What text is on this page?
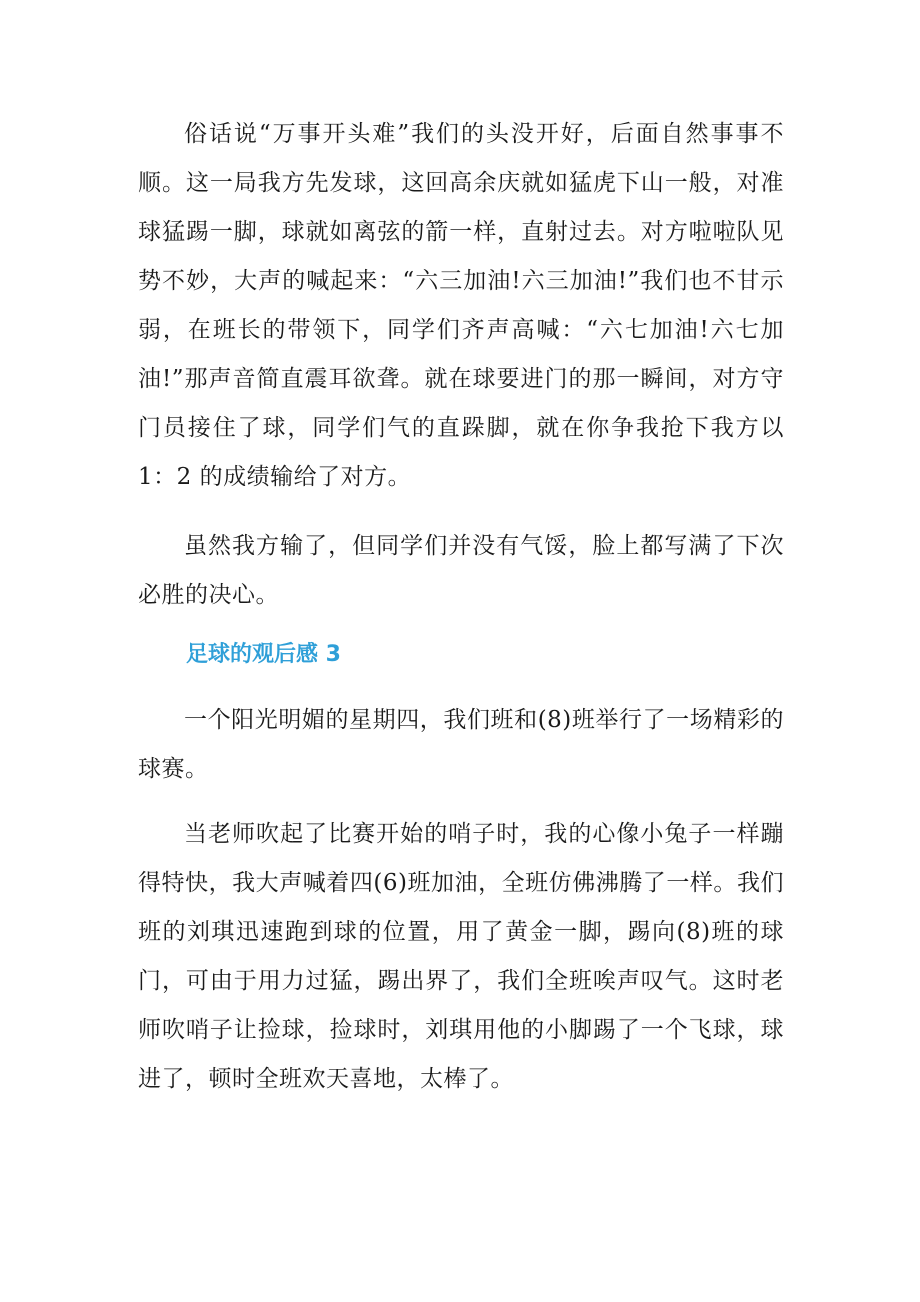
俗话说“万事开头难”我们的头没开好，后面自然事事不顺。这一局我方先发球，这回高余庆就如猛虎下山一般，对准球猛踢一脚，球就如离弦的箭一样，直射过去。对方啦啦队见势不妙，大声的喊起来：“六三加油!六三加油!”我们也不甘示弱，在班长的带领下，同学们齐声高喊：“六七加油!六七加油!”那声音简直震耳欲聋。就在球要进门的那一瞬间，对方守门员接住了球，同学们气的直跺脚，就在你争我抢下我方以 1：2 的成绩输给了对方。

虽然我方输了，但同学们并没有气馁，脸上都写满了下次必胜的决心。

足球的观后感 3

一个阳光明媚的星期四，我们班和(8)班举行了一场精彩的球赛。

当老师吹起了比赛开始的哨子时，我的心像小兔子一样蹦得特快，我大声喊着四(6)班加油，全班仿佛沸腾了一样。我们班的刘琪迅速跑到球的位置，用了黄金一脚，踢向(8)班的球门，可由于用力过猛，踢出界了，我们全班唉声叹气。这时老师吹哨子让捡球，捡球时，刘琪用他的小脚踢了一个飞球，球进了，顿时全班欢天喜地，太棒了。
